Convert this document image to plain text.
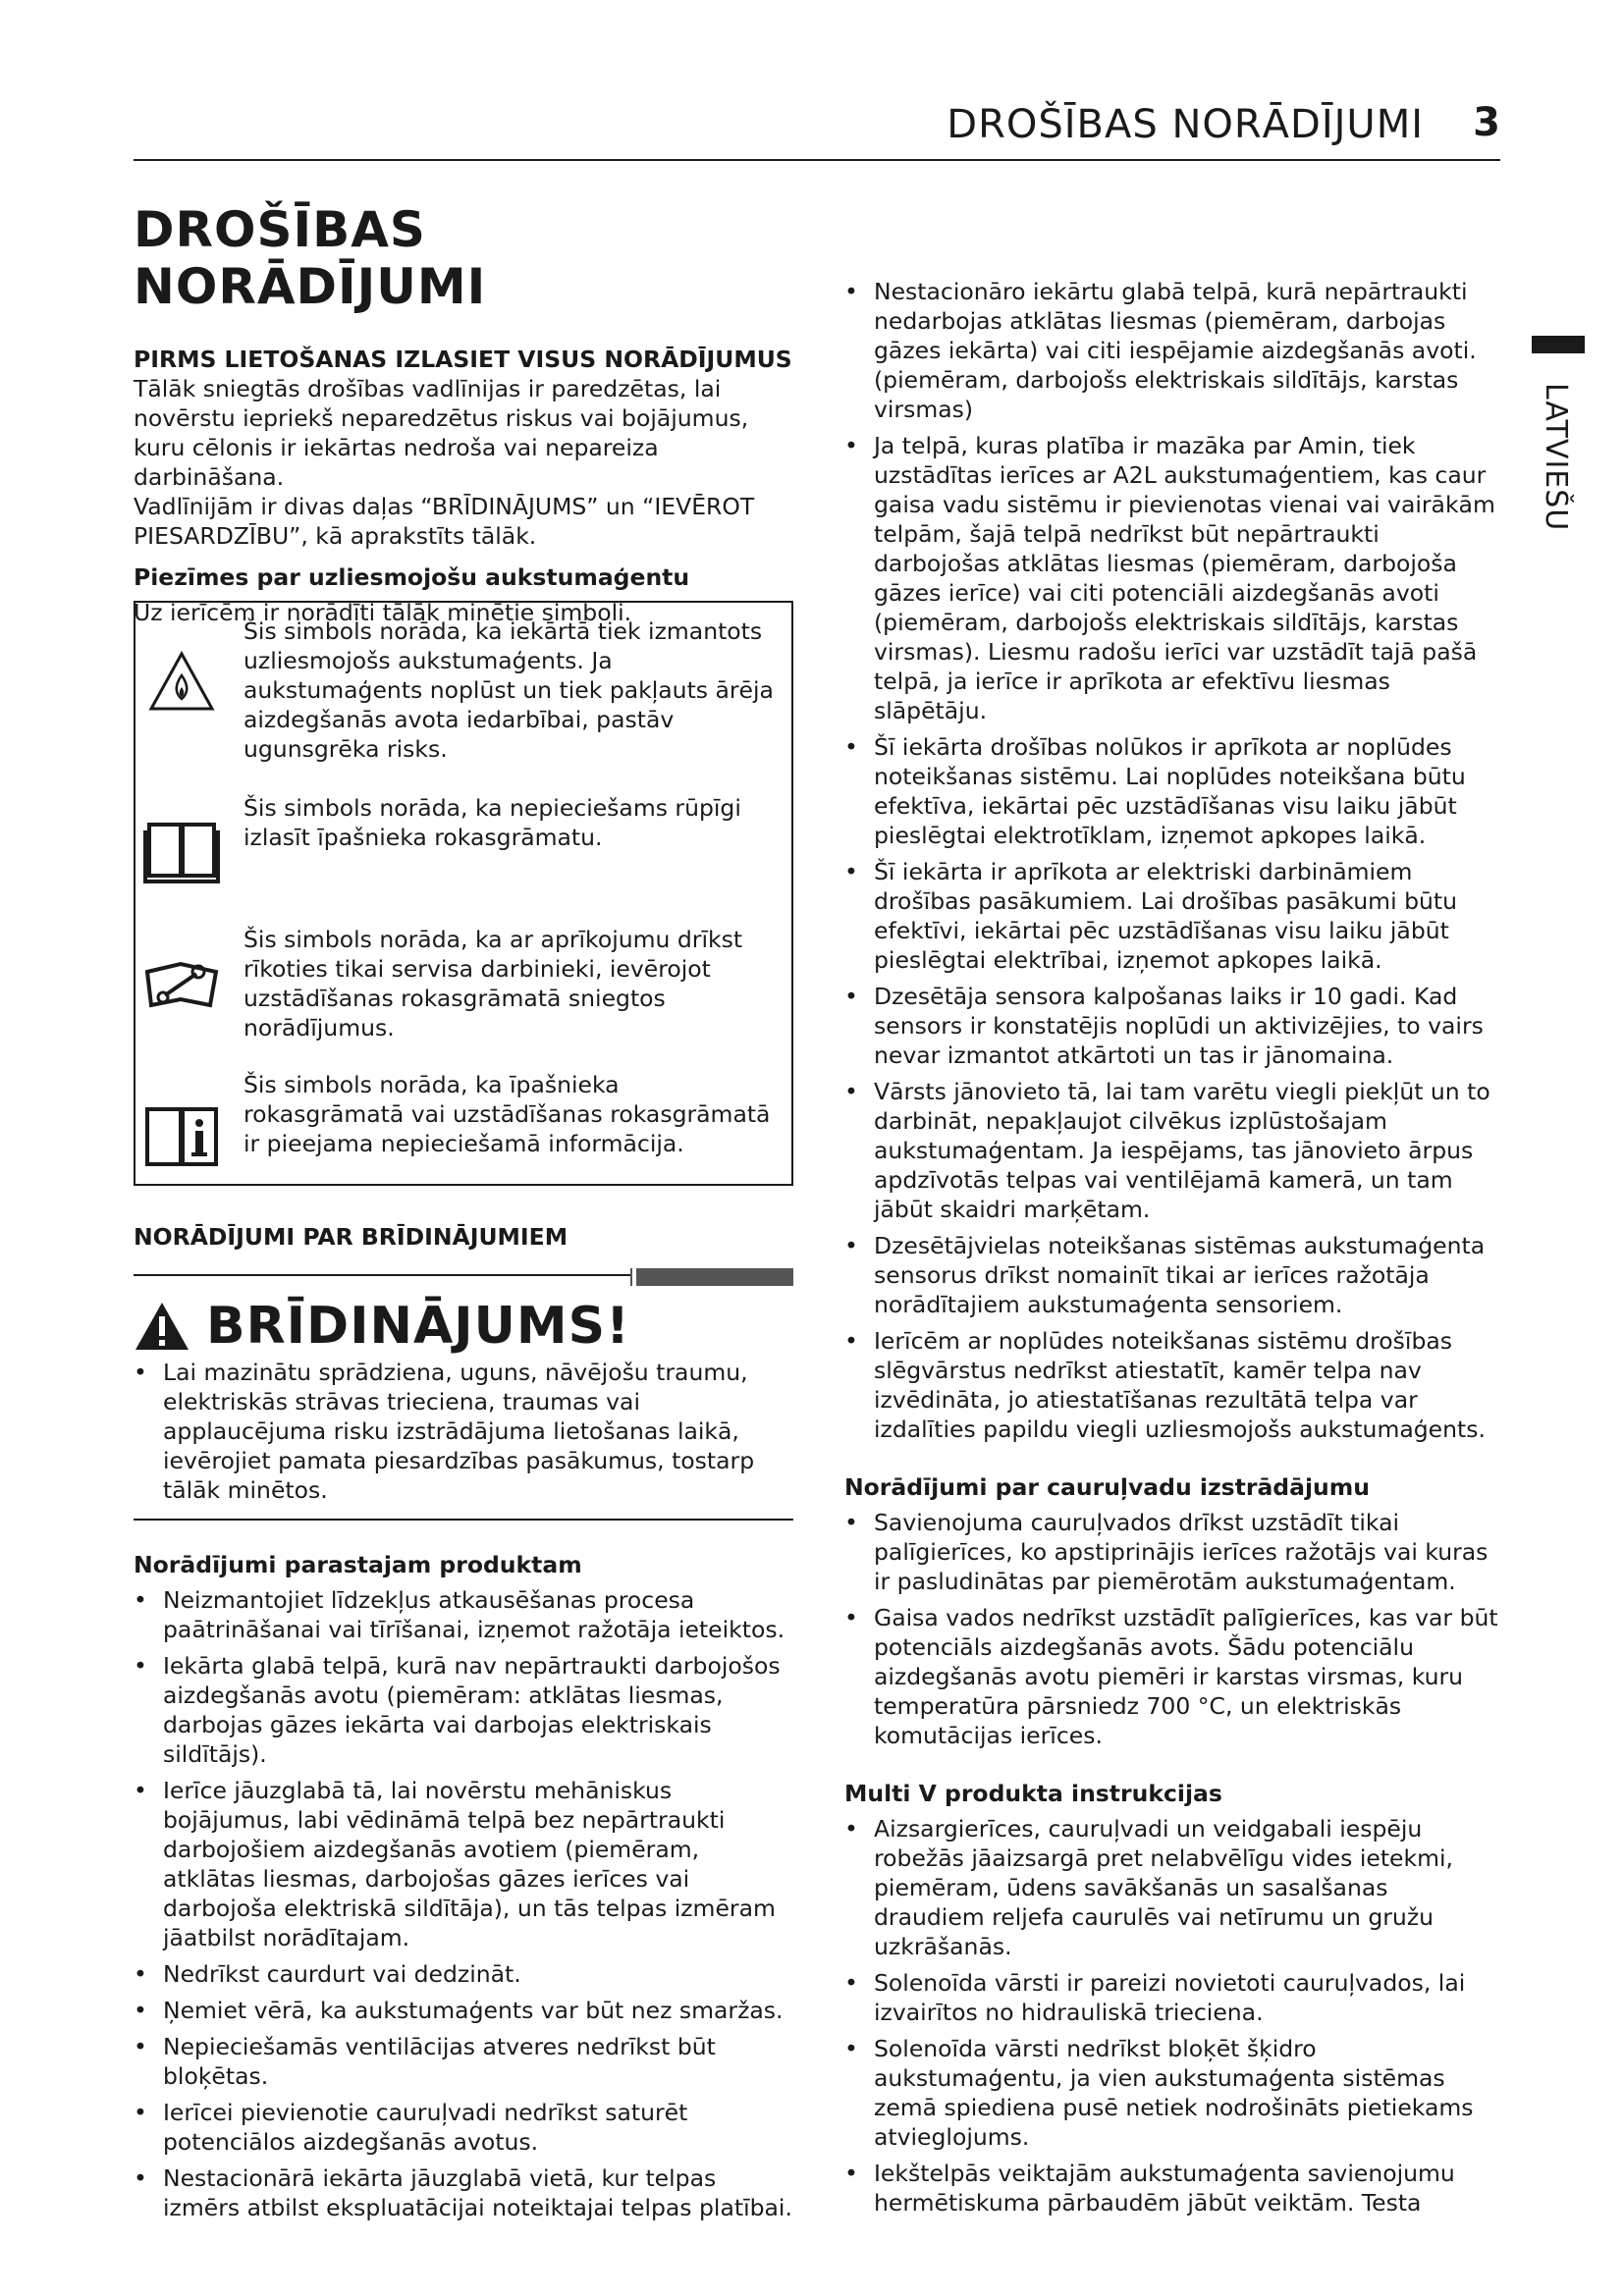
DROŠĪBAS NORĀDĪJUMI 3
LATVIEŠU
DROŠĪBAS NORĀDĪJUMI

PIRMS LIETOŠANAS IZLASIET VISUS NORĀDĪJUMUS

Tālāk sniegtās drošības vadlīnijas ir paredzētas, lai novērstu iepriekš neparedzētus riskus vai bojājumus, kuru cēlonis ir iekārtas nedroša vai nepareiza darbināšana.

Vadlīnijām ir divas daļas “BRĪDINĀJUMS” un “IEVĒROT PIESARDZĪBU”, kā aprakstīts tālāk.

Piezīmes par uzliesmojošu aukstumaģentu

Uz ierīcēm ir norādīti tālāk minētie simboli.

Šis simbols norāda, ka iekārtā tiek izmantots uzliesmojošs aukstumaģents. Ja aukstumaģents noplūst un tiek pakļauts ārēja aizdegšanās avota iedarbībai, pastāv ugunsgrēka risks.
Šis simbols norāda, ka nepieciešams rūpīgi izlasīt īpašnieka rokasgrāmatu.
Šis simbols norāda, ka ar aprīkojumu drīkst rīkoties tikai servisa darbinieki, ievērojot uzstādīšanas rokasgrāmatā sniegtos norādījumus.
Šis simbols norāda, ka īpašnieka rokasgrāmatā vai uzstādīšanas rokasgrāmatā ir pieejama nepieciešamā informācija.

NORĀDĪJUMI PAR BRĪDINĀJUMIEM

BRĪDINĀJUMS!
• Lai mazinātu sprādziena, uguns, nāvējošu traumu, elektriskās strāvas trieciena, traumas vai applaucējuma risku izstrādājuma lietošanas laikā, ievērojiet pamata piesardzības pasākumus, tostarp tālāk minētos.

Norādījumi parastajam produktam

• Neizmantojiet līdzekļus atkausēšanas procesa paātrināšanai vai tīrīšanai, izņemot ražotāja ieteiktos.
• Iekārta glabā telpā, kurā nav nepārtraukti darbojošos aizdegšanās avotu (piemēram: atklātas liesmas, darbojas gāzes iekārta vai darbojas elektriskais sildītājs).
• Ierīce jāuzglabā tā, lai novērstu mehāniskus bojājumus, labi vēdināmā telpā bez nepārtraukti darbojošiem aizdegšanās avotiem (piemēram, atklātas liesmas, darbojošas gāzes ierīces vai darbojoša elektriskā sildītāja), un tās telpas izmēram jāatbilst norādītajam.
• Nedrīkst caurdurt vai dedzināt.
• Ņemiet vērā, ka aukstumaģents var būt nez smaržas.
• Nepieciešamās ventilācijas atveres nedrīkst būt bloķētas.
• Ierīcei pievienotie cauruļvadi nedrīkst saturēt potenciālos aizdegšanās avotus.
• Nestacionārā iekārta jāuzglabā vietā, kur telpas izmērs atbilst ekspluatācijai noteiktajai telpas platībai.
• Nestacionāro iekārtu glabā telpā, kurā nepārtraukti nedarbojas atklātas liesmas (piemēram, darbojas gāzes iekārta) vai citi iespējamie aizdegšanās avoti. (piemēram, darbojošs elektriskais sildītājs, karstas virsmas)
• Ja telpā, kuras platība ir mazāka par Amin, tiek uzstādītas ierīces ar A2L aukstumaģentiem, kas caur gaisa vadu sistēmu ir pievienotas vienai vai vairākām telpām, šajā telpā nedrīkst būt nepārtraukti darbojošas atklātas liesmas (piemēram, darbojoša gāzes ierīce) vai citi potenciāli aizdegšanās avoti (piemēram, darbojošs elektriskais sildītājs, karstas virsmas). Liesmu radošu ierīci var uzstādīt tajā pašā telpā, ja ierīce ir aprīkota ar efektīvu liesmas slāpētāju.
• Šī iekārta drošības nolūkos ir aprīkota ar noplūdes noteikšanas sistēmu. Lai noplūdes noteikšana būtu efektīva, iekārtai pēc uzstādīšanas visu laiku jābūt pieslēgtai elektrotīklam, izņemot apkopes laikā.
• Šī iekārta ir aprīkota ar elektriski darbināmiem drošības pasākumiem. Lai drošības pasākumi būtu efektīvi, iekārtai pēc uzstādīšanas visu laiku jābūt pieslēgtai elektrībai, izņemot apkopes laikā.
• Dzesētāja sensora kalpošanas laiks ir 10 gadi. Kad sensors ir konstatējis noplūdi un aktivizējies, to vairs nevar izmantot atkārtoti un tas ir jānomaina.
• Vārsts jānovieto tā, lai tam varētu viegli piekļūt un to darbināt, nepakļaujot cilvēkus izplūstošajam aukstumaģentam. Ja iespējams, tas jānovieto ārpus apdzīvotās telpas vai ventilējamā kamerā, un tam jābūt skaidri marķētam.
• Dzesētājvielas noteikšanas sistēmas aukstumaģenta sensorus drīkst nomainīt tikai ar ierīces ražotāja norādītajiem aukstumaģenta sensoriem.
• Ierīcēm ar noplūdes noteikšanas sistēmu drošības slēgvārstus nedrīkst atiestatīt, kamēr telpa nav izvēdināta, jo atiestatīšanas rezultātā telpa var izdalīties papildu viegli uzliesmojošs aukstumaģents.

Norādījumi par cauruļvadu izstrādājumu

• Savienojuma cauruļvados drīkst uzstādīt tikai palīgierīces, ko apstiprinājis ierīces ražotājs vai kuras ir pasludinātas par piemērotām aukstumaģentam.
• Gaisa vados nedrīkst uzstādīt palīgierīces, kas var būt potenciāls aizdegšanās avots. Šādu potenciālu aizdegšanās avotu piemēri ir karstas virsmas, kuru temperatūra pārsniedz 700 °C, un elektriskās komutācijas ierīces.

Multi V produkta instrukcijas

• Aizsargierīces, cauruļvadi un veidgabali iespēju robežās jāaizsargā pret nelabvēlīgu vides ietekmi, piemēram, ūdens savākšanās un sasalšanas draudiem reljefa caurulēs vai netīrumu un gružu uzkrāšanās.
• Solenoīda vārsti ir pareizi novietoti cauruļvados, lai izvairītos no hidrauliskā trieciena.
• Solenoīda vārsti nedrīkst bloķēt šķidro aukstumaģentu, ja vien aukstumaģenta sistēmas zemā spiediena pusē netiek nodrošināts pietiekams atvieglojums.
• Iekštelpās veiktajām aukstumaģenta savienojumu hermētiskuma pārbaudēm jābūt veiktām. Testa
